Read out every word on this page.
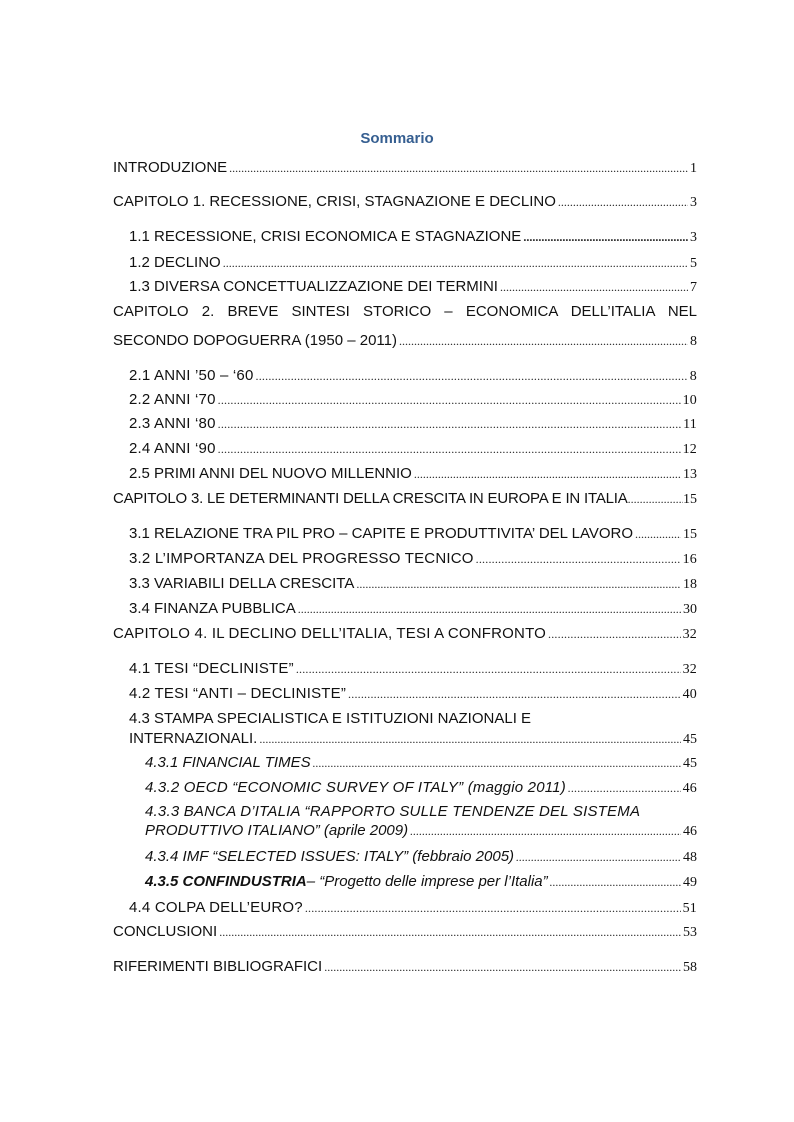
Sommario
INTRODUZIONE .....	1
CAPITOLO 1. RECESSIONE, CRISI, STAGNAZIONE E DECLINO .....	3
1.1 RECESSIONE, CRISI ECONOMICA E STAGNAZIONE .....	3
1.2 DECLINO .....	5
1.3 DIVERSA CONCETTUALIZZAZIONE DEI TERMINI .....	7
CAPITOLO 2. BREVE SINTESI STORICO – ECONOMICA DELL’ITALIA NEL
SECONDO DOPOGUERRA (1950 – 2011) .....	8
2.1 ANNI ’50 – ‘60 .....	8
2.2 ANNI ‘70 .....	10
2.3 ANNI ‘80 .....	11
2.4 ANNI ‘90 .....	12
2.5 PRIMI ANNI DEL NUOVO MILLENNIO .....	13
CAPITOLO 3. LE DETERMINANTI DELLA CRESCITA IN EUROPA E IN ITALIA .....	15
3.1 RELAZIONE TRA PIL PRO – CAPITE E PRODUTTIVITA’ DEL LAVORO .....	15
3.2 L’IMPORTANZA DEL PROGRESSO TECNICO .....	16
3.3 VARIABILI DELLA CRESCITA .....	18
3.4 FINANZA PUBBLICA .....	30
CAPITOLO 4. IL DECLINO DELL’ITALIA, TESI A CONFRONTO .....	32
4.1 TESI “DECLINISTE” .....	32
4.2 TESI “ANTI – DECLINISTE” .....	40
4.3 STAMPA SPECIALISTICA E ISTITUZIONI NAZIONALI E
INTERNAZIONALI. .....	45
4.3.1 FINANCIAL TIMES .....	45
4.3.2 OECD “ECONOMIC SURVEY OF ITALY” (maggio 2011) .....	46
4.3.3 BANCA D’ITALIA “RAPPORTO SULLE TENDENZE DEL SISTEMA
PRODUTTIVO ITALIANO” (aprile 2009) .....	46
4.3.4 IMF “SELECTED ISSUES: ITALY” (febbraio 2005) .....	48
4.3.5 CONFINDUSTRIA – “Progetto delle imprese per l’Italia” .....	49
4.4 COLPA DELL’EURO? .....	51
CONCLUSIONI .....	53
RIFERIMENTI BIBLIOGRAFICI .....	58
